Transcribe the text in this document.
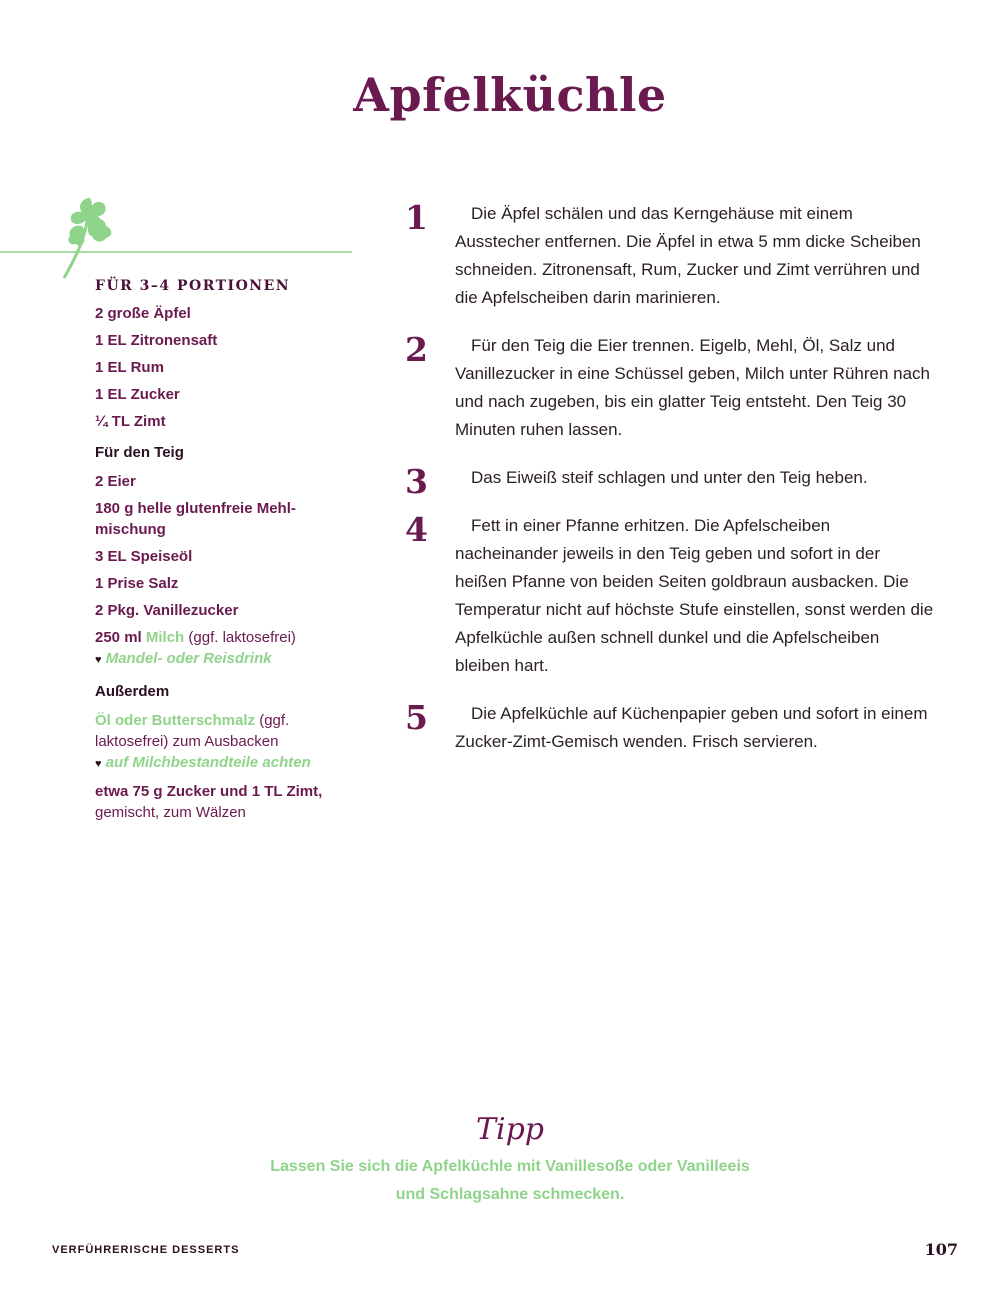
Apfelküchle
FÜR 3–4 PORTIONEN
2 große Äpfel
1 EL Zitronensaft
1 EL Rum
1 EL Zucker
¼ TL Zimt
Für den Teig
2 Eier
180 g helle glutenfreie Mehlmischung
3 EL Speiseöl
1 Prise Salz
2 Pkg. Vanillezucker
250 ml Milch (ggf. laktosefrei)
♥ Mandel- oder Reisdrink
Außerdem
Öl oder Butterschmalz (ggf. laktosefrei) zum Ausbacken
♥ auf Milchbestandteile achten
etwa 75 g Zucker und 1 TL Zimt,
gemischt, zum Wälzen
1	Die Äpfel schälen und das Kerngehäuse mit einem Ausstecher entfernen. Die Äpfel in etwa 5 mm dicke Scheiben schneiden. Zitronensaft, Rum, Zucker und Zimt verrühren und die Apfelscheiben darin marinieren.
2	Für den Teig die Eier trennen. Eigelb, Mehl, Öl, Salz und Vanillezucker in eine Schüssel geben, Milch unter Rühren nach und nach zugeben, bis ein glatter Teig entsteht. Den Teig 30 Minuten ruhen lassen.
3	Das Eiweiß steif schlagen und unter den Teig heben.
4	Fett in einer Pfanne erhitzen. Die Apfelscheiben nacheinander jeweils in den Teig geben und sofort in der heißen Pfanne von beiden Seiten goldbraun ausbacken. Die Temperatur nicht auf höchste Stufe einstellen, sonst werden die Apfelküchle außen schnell dunkel und die Apfelscheiben bleiben hart.
5	Die Apfelküchle auf Küchenpapier geben und sofort in einem Zucker-Zimt-Gemisch wenden. Frisch servieren.
Tipp
Lassen Sie sich die Apfelküchle mit Vanillesoße oder Vanilleeis
und Schlagsahne schmecken.
VERFÜHRERISCHE DESSERTS	107
